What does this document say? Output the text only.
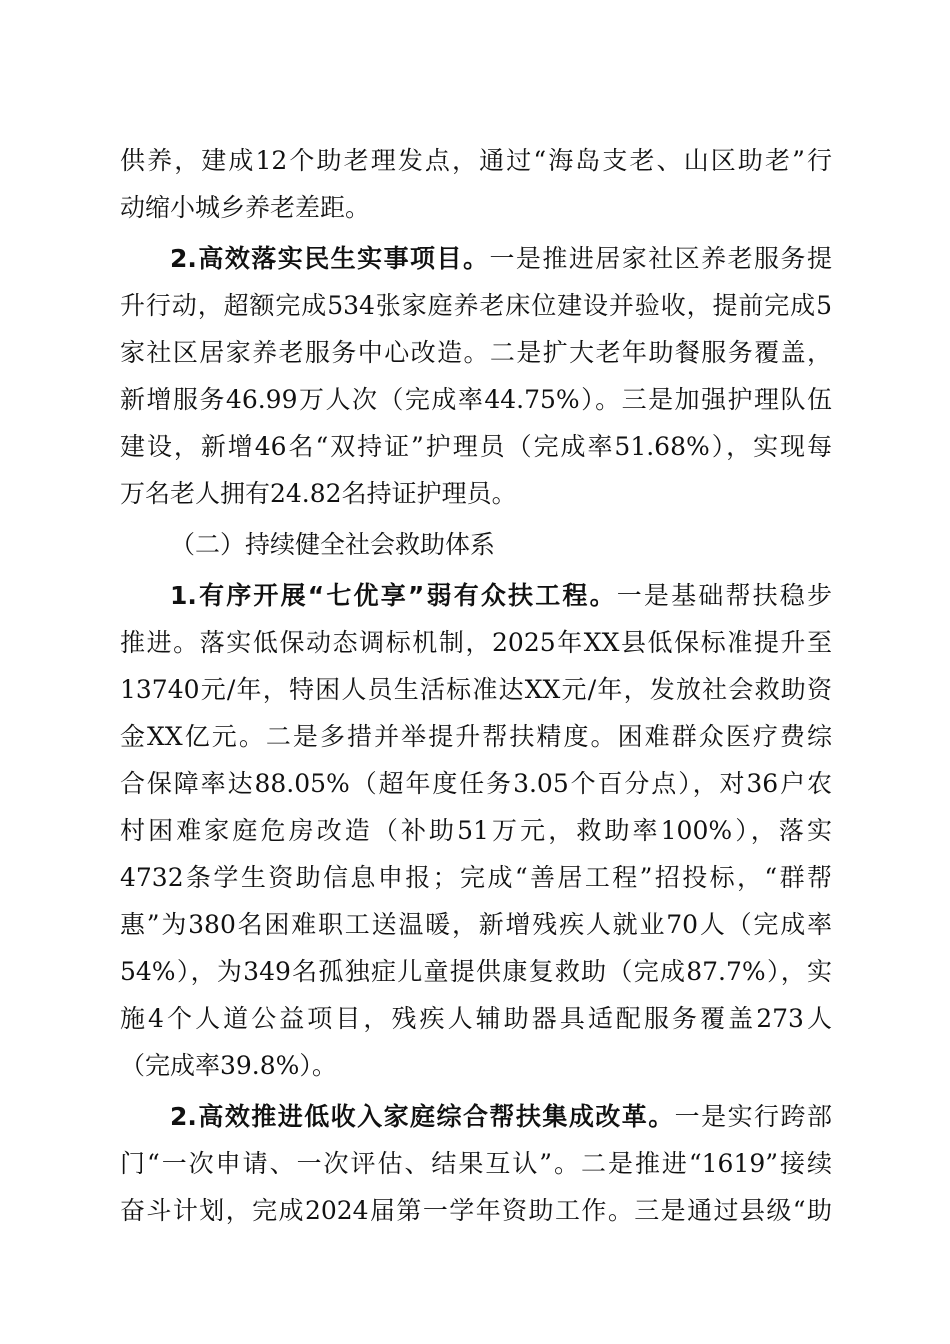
供养，建成12个助老理发点，通过“海岛支老、山区助老”行
动缩小城乡养老差距。
2.高效落实民生实事项目。一是推进居家社区养老服务提
升行动，超额完成534张家庭养老床位建设并验收，提前完成5
家社区居家养老服务中心改造。二是扩大老年助餐服务覆盖，
新增服务46.99万人次（完成率44.75%）。三是加强护理队伍
建设，新增46名“双持证”护理员（完成率51.68%），实现每
万名老人拥有24.82名持证护理员。
（二）持续健全社会救助体系
1.有序开展“七优享”弱有众扶工程。一是基础帮扶稳步
推进。落实低保动态调标机制，2025年XX县低保标准提升至
13740元/年，特困人员生活标准达XX元/年，发放社会救助资
金XX亿元。二是多措并举提升帮扶精度。困难群众医疗费综
合保障率达88.05%（超年度任务3.05个百分点），对36户农
村困难家庭危房改造（补助51万元，救助率100%），落实
4732条学生资助信息申报；完成“善居工程”招投标，“群帮
惠”为380名困难职工送温暖，新增残疾人就业70人（完成率
54%），为349名孤独症儿童提供康复救助（完成87.7%），实
施4个人道公益项目，残疾人辅助器具适配服务覆盖273人
（完成率39.8%）。
2.高效推进低收入家庭综合帮扶集成改革。一是实行跨部
门“一次申请、一次评估、结果互认”。二是推进“1619”接续
奋斗计划，完成2024届第一学年资助工作。三是通过县级“助
